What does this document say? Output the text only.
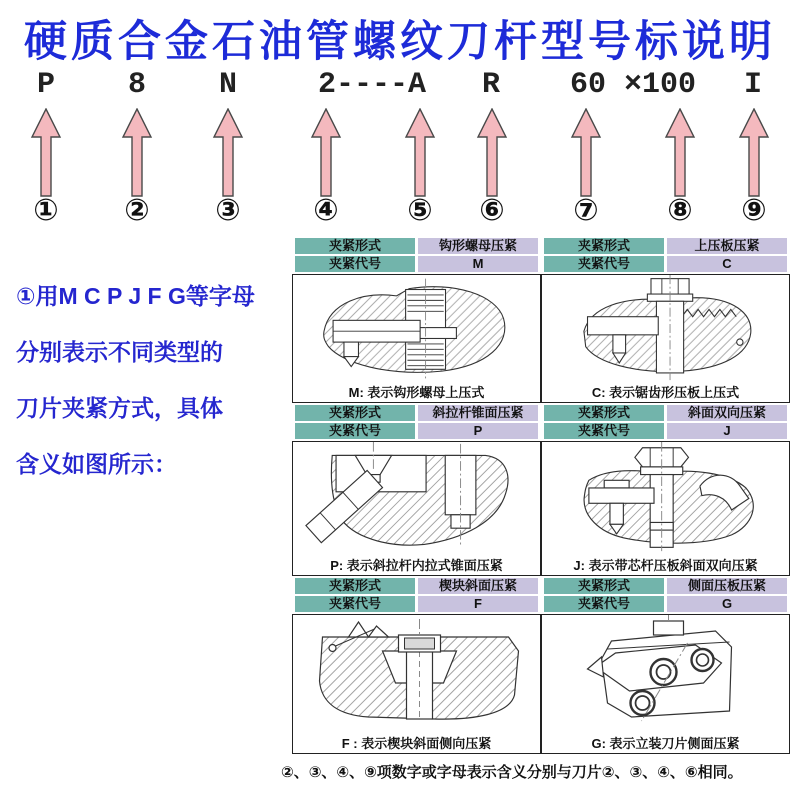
硬质合金石油管螺纹刀杆型号标说明
P 8 N	2----A R 60 ×100 I
① ② ③ ④ ⑤ ⑥ ⑦ ⑧ ⑨
①用M C P J F G等字母
分别表示不同类型的
刀片夹紧方式，具体
含义如图所示：
夹紧形式	钩形螺母压紧
夹紧代号	M
M: 表示钩形螺母上压式
夹紧形式	上压板压紧
夹紧代号	C
C: 表示锯齿形压板上压式
夹紧形式	斜拉杆锥面压紧
夹紧代号	P
P: 表示斜拉杆内拉式锥面压紧
夹紧形式	斜面双向压紧
夹紧代号	J
J: 表示带芯杆压板斜面双向压紧
夹紧形式	楔块斜面压紧
夹紧代号	F
F : 表示楔块斜面侧向压紧
夹紧形式	侧面压板压紧
夹紧代号	G
G: 表示立装刀片侧面压紧
②、③、④、⑨项数字或字母表示含义分别与刀片②、③、④、⑥相同。
